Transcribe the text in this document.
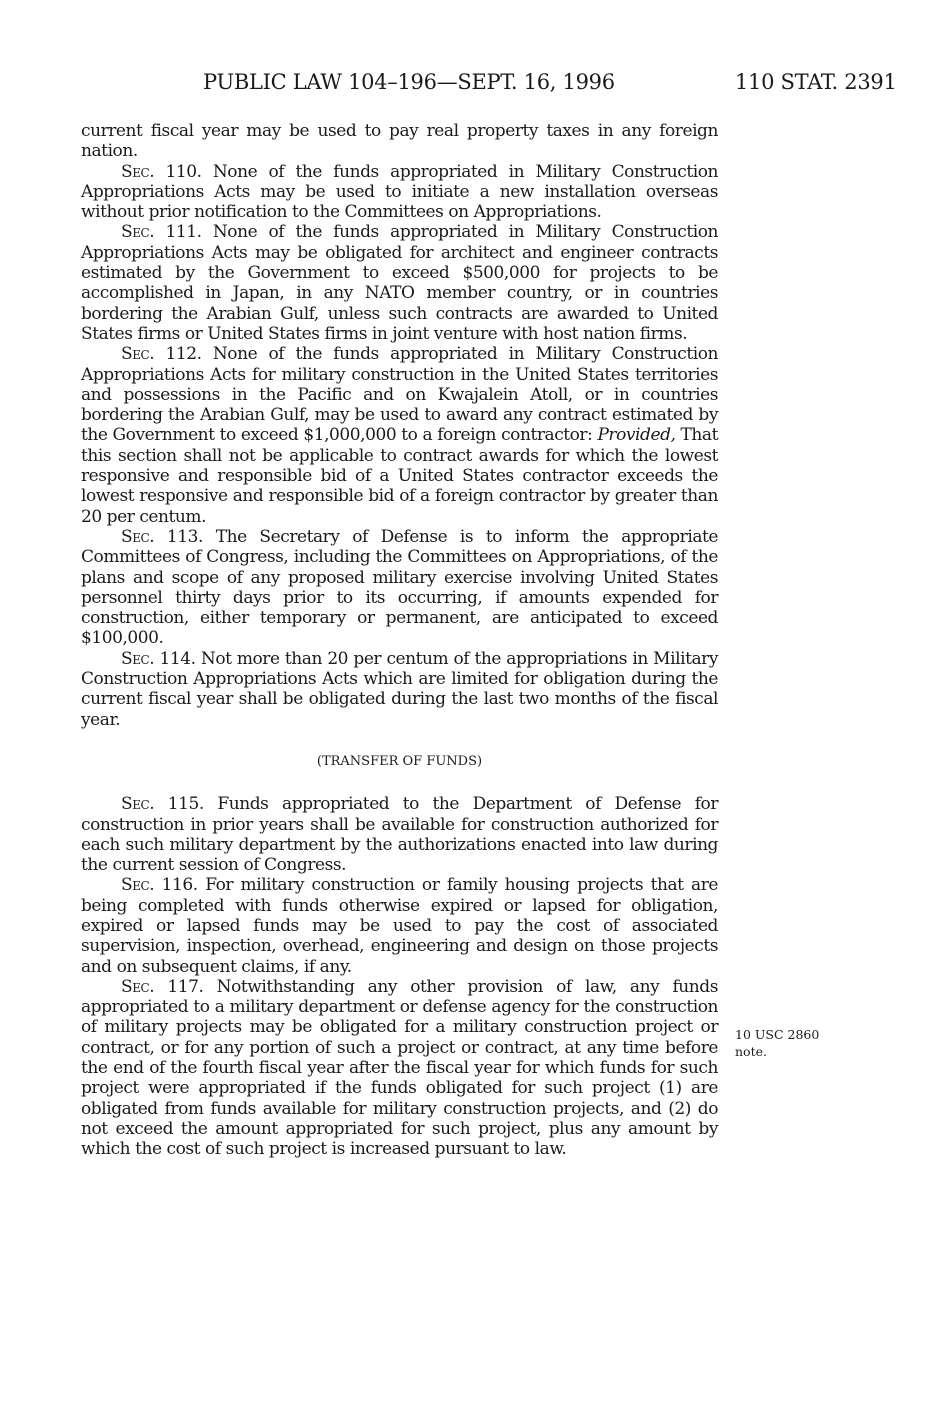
PUBLIC LAW 104–196—SEPT. 16, 1996	110 STAT. 2391

current fiscal year may be used to pay real property taxes in any foreign nation.

Sec. 110. None of the funds appropriated in Military Construction Appropriations Acts may be used to initiate a new installation overseas without prior notification to the Committees on Appropriations.

Sec. 111. None of the funds appropriated in Military Construction Appropriations Acts may be obligated for architect and engineer contracts estimated by the Government to exceed $500,000 for projects to be accomplished in Japan, in any NATO member country, or in countries bordering the Arabian Gulf, unless such contracts are awarded to United States firms or United States firms in joint venture with host nation firms.

Sec. 112. None of the funds appropriated in Military Construction Appropriations Acts for military construction in the United States territories and possessions in the Pacific and on Kwajalein Atoll, or in countries bordering the Arabian Gulf, may be used to award any contract estimated by the Government to exceed $1,000,000 to a foreign contractor: Provided, That this section shall not be applicable to contract awards for which the lowest responsive and responsible bid of a United States contractor exceeds the lowest responsive and responsible bid of a foreign contractor by greater than 20 per centum.

Sec. 113. The Secretary of Defense is to inform the appropriate Committees of Congress, including the Committees on Appropriations, of the plans and scope of any proposed military exercise involving United States personnel thirty days prior to its occurring, if amounts expended for construction, either temporary or permanent, are anticipated to exceed $100,000.

Sec. 114. Not more than 20 per centum of the appropriations in Military Construction Appropriations Acts which are limited for obligation during the current fiscal year shall be obligated during the last two months of the fiscal year.

(TRANSFER OF FUNDS)

Sec. 115. Funds appropriated to the Department of Defense for construction in prior years shall be available for construction authorized for each such military department by the authorizations enacted into law during the current session of Congress.

Sec. 116. For military construction or family housing projects that are being completed with funds otherwise expired or lapsed for obligation, expired or lapsed funds may be used to pay the cost of associated supervision, inspection, overhead, engineering and design on those projects and on subsequent claims, if any.

Sec. 117. Notwithstanding any other provision of law, any funds appropriated to a military department or defense agency for the construction of military projects may be obligated for a military construction project or contract, or for any portion of such a project or contract, at any time before the end of the fourth fiscal year after the fiscal year for which funds for such project were appropriated if the funds obligated for such project (1) are obligated from funds available for military construction projects, and (2) do not exceed the amount appropriated for such project, plus any amount by which the cost of such project is increased pursuant to law.

10 USC 2860
note.
